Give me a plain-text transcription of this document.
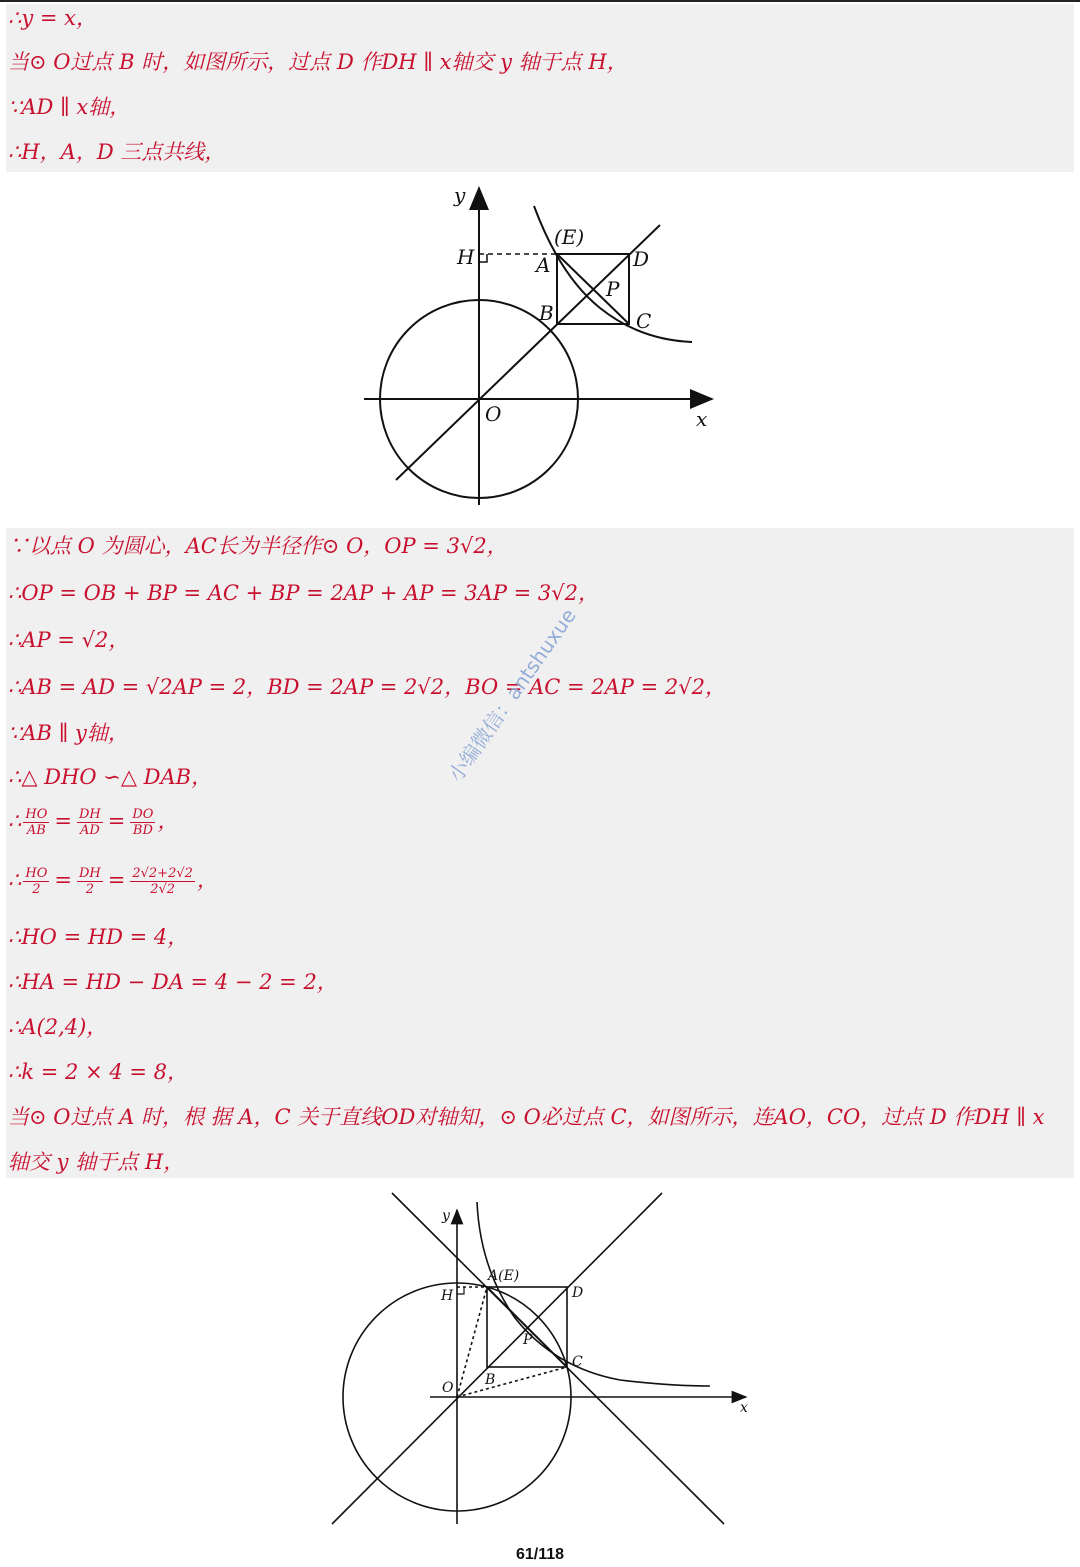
∴y = x，
当⊙ O过点 B 时，如图所示，过点 D 作DH ∥ x轴交 y 轴于点 H，
∵AD ∥ x轴，
∴H，A，D 三点共线，
y
x
O
H	A
(E)
D
B
P
C
∵以点 O 为圆心，AC长为半径作⊙ O，OP = 3√2，
∴OP = OB + BP = AC + BP = 2AP + AP = 3AP = 3√2，
∴AP = √2，
∴AB = AD = √2AP = 2，BD = 2AP = 2√2，BO = AC = 2AP = 2√2，
∵AB ∥ y轴，
∴△ DHO ∽△ DAB，
∴ $\frac{HO}{AB} = \frac{DH}{AD} = \frac{DO}{BD}$ ，
∴ $\frac{HO}{2} = \frac{DH}{2} = \frac{2√2+2√2}{2√2}$ ，
∴HO = HD = 4，
∴HA = HD − DA = 4 − 2 = 2，
∴A(2,4)，
∴k = 2 × 4 = 8，
当⊙ O过点 A 时，根 据 A，C 关于直线OD对轴知，⊙ O必过点 C，如图所示，连AO，CO，过点 D 作DH ∥ x
轴交 y 轴于点 H，
y
x
O
H
A(E)
D
B
P
C
小编微信：antshuxue
61/118
